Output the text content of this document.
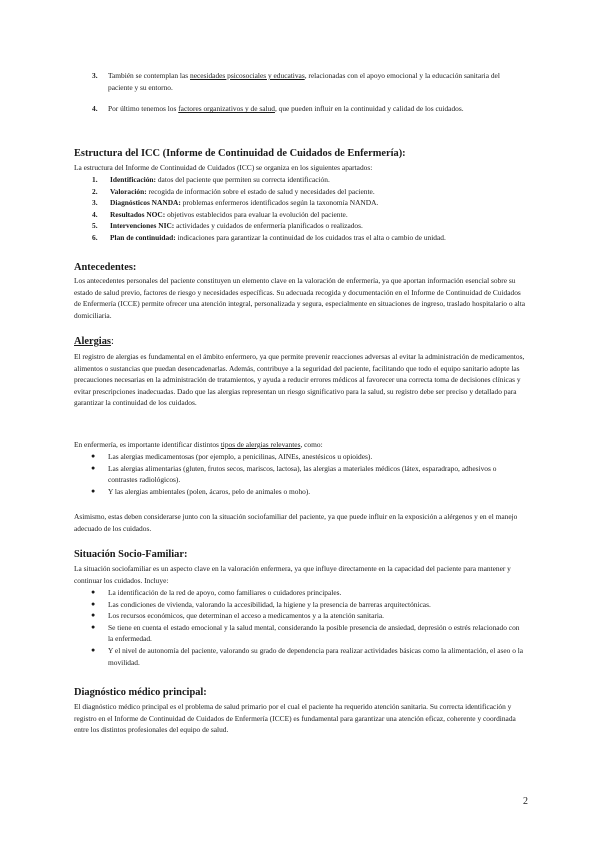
3. También se contemplan las necesidades psicosociales y educativas, relacionadas con el apoyo emocional y la educación sanitaria del paciente y su entorno.
4. Por último tenemos los factores organizativos y de salud, que pueden influir en la continuidad y calidad de los cuidados.
Estructura del ICC (Informe de Continuidad de Cuidados de Enfermería):

La estructura del Informe de Continuidad de Cuidados (ICC) se organiza en los siguientes apartados:

1. Identificación: datos del paciente que permiten su correcta identificación.
2. Valoración: recogida de información sobre el estado de salud y necesidades del paciente.
3. Diagnósticos NANDA: problemas enfermeros identificados según la taxonomía NANDA.
4. Resultados NOC: objetivos establecidos para evaluar la evolución del paciente.
5. Intervenciones NIC: actividades y cuidados de enfermería planificados o realizados.
6. Plan de continuidad: indicaciones para garantizar la continuidad de los cuidados tras el alta o cambio de unidad.
Antecedentes:

Los antecedentes personales del paciente constituyen un elemento clave en la valoración de enfermería, ya que aportan información esencial sobre su estado de salud previo, factores de riesgo y necesidades específicas. Su adecuada recogida y documentación en el Informe de Continuidad de Cuidados de Enfermería (ICCE) permite ofrecer una atención integral, personalizada y segura, especialmente en situaciones de ingreso, traslado hospitalario o alta domiciliaria.

Alergias:

El registro de alergias es fundamental en el ámbito enfermero, ya que permite prevenir reacciones adversas al evitar la administración de medicamentos, alimentos o sustancias que puedan desencadenarlas. Además, contribuye a la seguridad del paciente, facilitando que todo el equipo sanitario adopte las precauciones necesarias en la administración de tratamientos, y ayuda a reducir errores médicos al favorecer una correcta toma de decisiones clínicas y evitar prescripciones inadecuadas. Dado que las alergias representan un riesgo significativo para la salud, su registro debe ser preciso y detallado para garantizar la continuidad de los cuidados.

En enfermería, es importante identificar distintos tipos de alergias relevantes, como:

● Las alergias medicamentosas (por ejemplo, a penicilinas, AINEs, anestésicos u opioides).
● Las alergias alimentarias (gluten, frutos secos, mariscos, lactosa), las alergias a materiales médicos (látex, esparadrapo, adhesivos o contrastes radiológicos).
● Y las alergias ambientales (polen, ácaros, pelo de animales o moho).

Asimismo, estas deben considerarse junto con la situación sociofamiliar del paciente, ya que puede influir en la exposición a alérgenos y en el manejo adecuado de los cuidados.

Situación Socio-Familiar:

La situación sociofamiliar es un aspecto clave en la valoración enfermera, ya que influye directamente en la capacidad del paciente para mantener y continuar los cuidados. Incluye:

● La identificación de la red de apoyo, como familiares o cuidadores principales.
● Las condiciones de vivienda, valorando la accesibilidad, la higiene y la presencia de barreras arquitectónicas.
● Los recursos económicos, que determinan el acceso a medicamentos y a la atención sanitaria.
● Se tiene en cuenta el estado emocional y la salud mental, considerando la posible presencia de ansiedad, depresión o estrés relacionado con la enfermedad.
● Y el nivel de autonomía del paciente, valorando su grado de dependencia para realizar actividades básicas como la alimentación, el aseo o la movilidad.
Diagnóstico médico principal:

El diagnóstico médico principal es el problema de salud primario por el cual el paciente ha requerido atención sanitaria. Su correcta identificación y registro en el Informe de Continuidad de Cuidados de Enfermería (ICCE) es fundamental para garantizar una atención eficaz, coherente y coordinada entre los distintos profesionales del equipo de salud.

2
